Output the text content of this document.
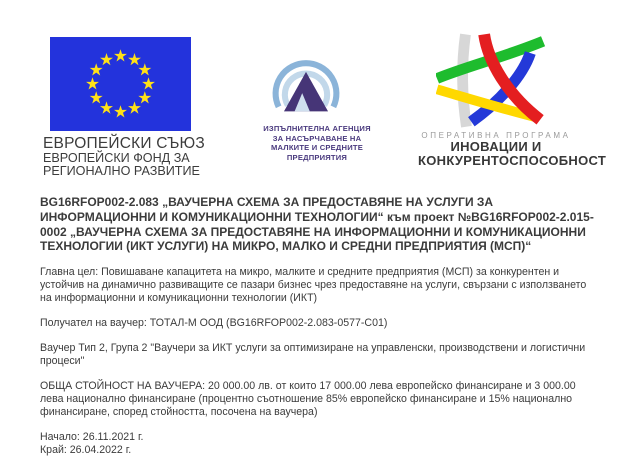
ЕВРОПЕЙСКИ СЪЮЗ
ЕВРОПЕЙСКИ ФОНД ЗА
РЕГИОНАЛНО РАЗВИТИЕ
ИЗПЪЛНИТЕЛНА АГЕНЦИЯ
ЗА НАСЪРЧАВАНЕ НА
МАЛКИТЕ И СРЕДНИТЕ
ПРЕДПРИЯТИЯ
ОПЕРАТИВНА ПРОГРАМА
ИНОВАЦИИ И
КОНКУРЕНТОСПОСОБНОСТ
BG16RFOP002-2.083 „ВАУЧЕРНА СХЕМА ЗА ПРЕДОСТАВЯНЕ НА УСЛУГИ ЗА ИНФОРМАЦИОННИ И КОМУНИКАЦИОННИ ТЕХНОЛОГИИ“ към проект №BG16RFOP002-2.015-0002 „ВАУЧЕРНА СХЕМА ЗА ПРЕДОСТАВЯНЕ НА ИНФОРМАЦИОННИ И КОМУНИКАЦИОННИ ТЕХНОЛОГИИ (ИКТ УСЛУГИ) НА МИКРО, МАЛКО И СРЕДНИ ПРЕДПРИЯТИЯ (МСП)“
Главна цел: Повишаване капацитета на микро, малките и средните предприятия (МСП) за конкурентен и устойчив на динамично развиващите се пазари бизнес чрез предоставяне на услуги, свързани с използването на информационни и комуникационни технологии (ИКТ)
Получател на ваучер: ТОТАЛ-М ООД (BG16RFOP002-2.083-0577-C01)
Ваучер Тип 2, Група 2 "Ваучери за ИКТ услуги за оптимизиране на управленски, производствени и логистични процеси"
ОБЩА СТОЙНОСТ НА ВАУЧЕРА: 20 000.00 лв. от които 17 000.00 лева европейско финансиране и 3 000.00 лева национално финансиране (процентно съотношение 85% европейско финансиране и 15% национално финансиране, според стойността, посочена на ваучера)
Начало: 26.11.2021 г.
Край: 26.04.2022 г.
